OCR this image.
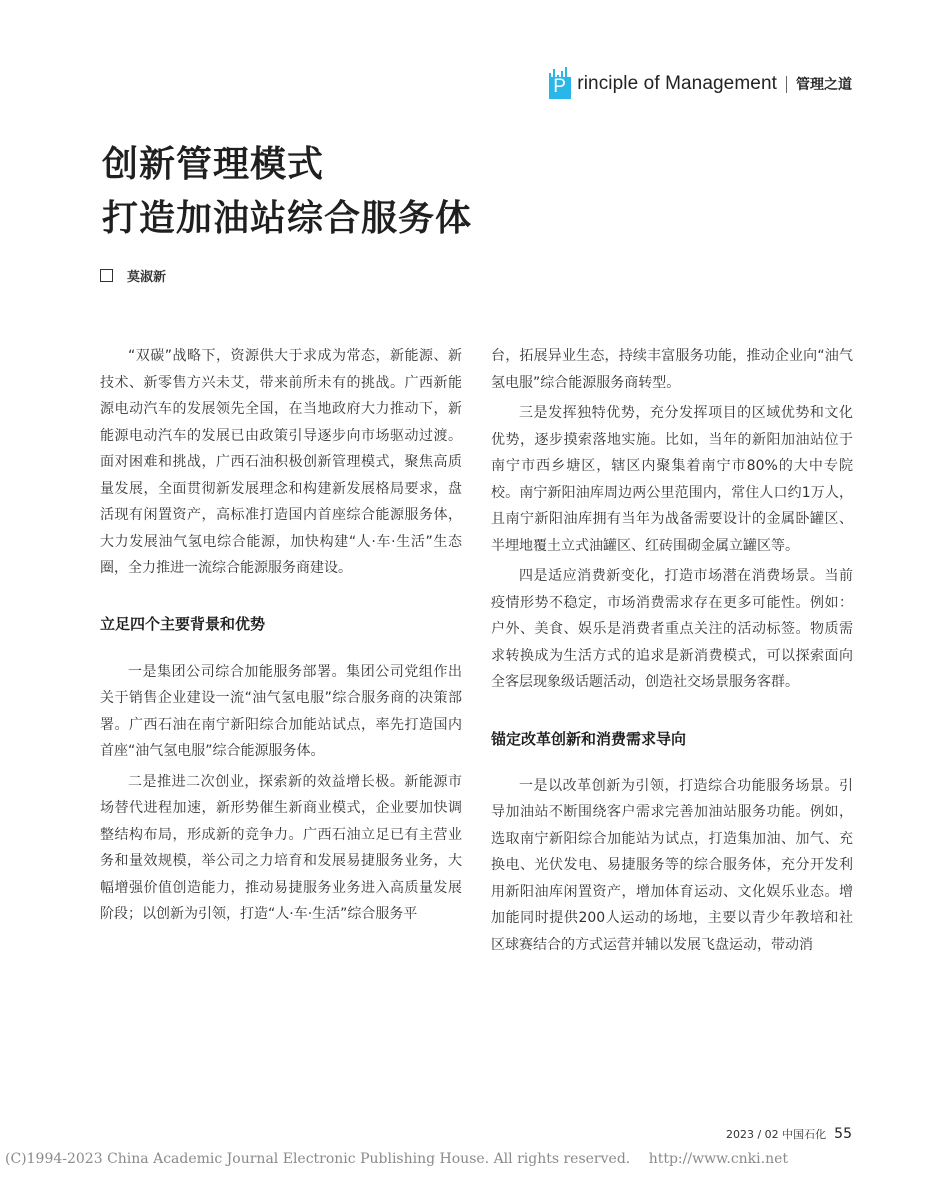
P rinciple of Management 管理之道
创新管理模式
打造加油站综合服务体
莫淑新

“双碳”战略下，资源供大于求成为常态，新能源、新技术、新零售方兴未艾，带来前所未有的挑战。广西新能源电动汽车的发展领先全国，在当地政府大力推动下，新能源电动汽车的发展已由政策引导逐步向市场驱动过渡。面对困难和挑战，广西石油积极创新管理模式，聚焦高质量发展，全面贯彻新发展理念和构建新发展格局要求，盘活现有闲置资产，高标准打造国内首座综合能源服务体，大力发展油气氢电综合能源，加快构建“人·车·生活”生态圈，全力推进一流综合能源服务商建设。

立足四个主要背景和优势

一是集团公司综合加能服务部署。集团公司党组作出关于销售企业建设一流“油气氢电服”综合服务商的决策部署。广西石油在南宁新阳综合加能站试点，率先打造国内首座“油气氢电服”综合能源服务体。

二是推进二次创业，探索新的效益增长极。新能源市场替代进程加速，新形势催生新商业模式，企业要加快调整结构布局，形成新的竞争力。广西石油立足已有主营业务和量效规模，举公司之力培育和发展易捷服务业务，大幅增强价值创造能力，推动易捷服务业务进入高质量发展阶段；以创新为引领，打造“人·车·生活”综合服务平

台，拓展异业生态，持续丰富服务功能，推动企业向“油气氢电服”综合能源服务商转型。

三是发挥独特优势，充分发挥项目的区域优势和文化优势，逐步摸索落地实施。比如，当年的新阳加油站位于南宁市西乡塘区，辖区内聚集着南宁市80%的大中专院校。南宁新阳油库周边两公里范围内，常住人口约1万人，且南宁新阳油库拥有当年为战备需要设计的金属卧罐区、半埋地覆土立式油罐区、红砖围砌金属立罐区等。

四是适应消费新变化，打造市场潜在消费场景。当前疫情形势不稳定，市场消费需求存在更多可能性。例如：户外、美食、娱乐是消费者重点关注的活动标签。物质需求转换成为生活方式的追求是新消费模式，可以探索面向全客层现象级话题活动，创造社交场景服务客群。

锚定改革创新和消费需求导向

一是以改革创新为引领，打造综合功能服务场景。引导加油站不断围绕客户需求完善加油站服务功能。例如，选取南宁新阳综合加能站为试点，打造集加油、加气、充换电、光伏发电、易捷服务等的综合服务体，充分开发利用新阳油库闲置资产，增加体育运动、文化娱乐业态。增加能同时提供200人运动的场地，主要以青少年教培和社区球赛结合的方式运营并辅以发展飞盘运动，带动消

2023 / 02 中国石化 55
(C)1994-2023 China Academic Journal Electronic Publishing House. All rights reserved. http://www.cnki.net
